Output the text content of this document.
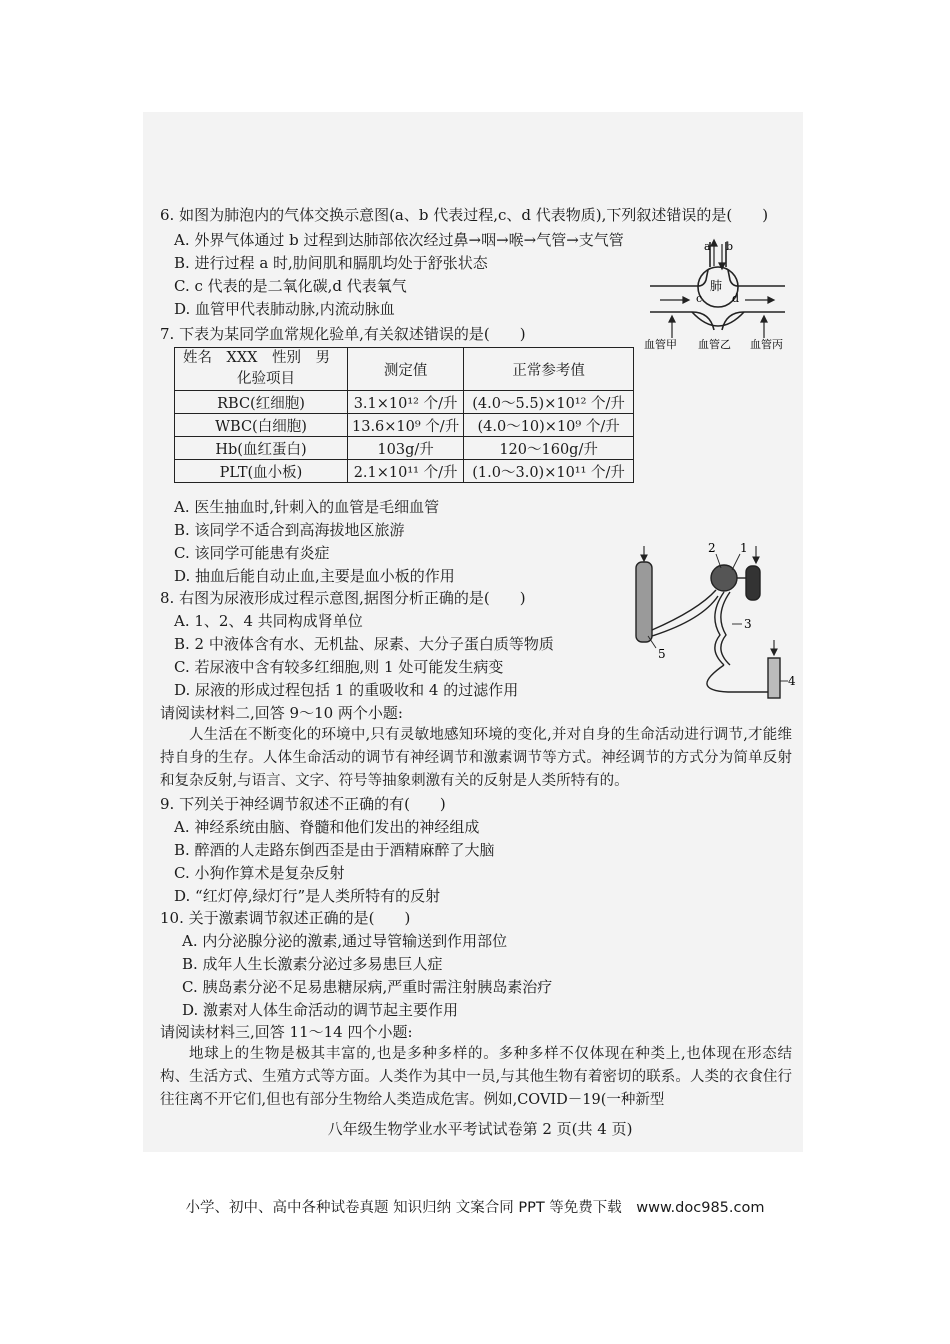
6. 如图为肺泡内的气体交换示意图(a、b 代表过程,c、d 代表物质),下列叙述错误的是(　　)
A. 外界气体通过 b 过程到达肺部依次经过鼻→咽→喉→气管→支气管
B. 进行过程 a 时,肋间肌和膈肌均处于舒张状态
C. c 代表的是二氧化碳,d 代表氧气
D. 血管甲代表肺动脉,内流动脉血
肺
a b
c	d
血管甲 血管乙 血管丙
7. 下表为某同学血常规化验单,有关叙述错误的是(　　)
姓名　XXX　性别　男
化验项目	测定值	正常参考值
RBC(红细胞)	3.1×10¹² 个/升	(4.0～5.5)×10¹² 个/升
WBC(白细胞)	13.6×10⁹ 个/升	(4.0～10)×10⁹ 个/升
Hb(血红蛋白)	103g/升	120～160g/升
PLT(血小板)	2.1×10¹¹ 个/升	(1.0～3.0)×10¹¹ 个/升
A. 医生抽血时,针刺入的血管是毛细血管
B. 该同学不适合到高海拔地区旅游
C. 该同学可能患有炎症
D. 抽血后能自动止血,主要是血小板的作用
2 1
3
4
5
8. 右图为尿液形成过程示意图,据图分析正确的是(　　)
A. 1、2、4 共同构成肾单位
B. 2 中液体含有水、无机盐、尿素、大分子蛋白质等物质
C. 若尿液中含有较多红细胞,则 1 处可能发生病变
D. 尿液的形成过程包括 1 的重吸收和 4 的过滤作用
请阅读材料二,回答 9～10 两个小题:

人生活在不断变化的环境中,只有灵敏地感知环境的变化,并对自身的生命活动进行调节,才能维持自身的生存。人体生命活动的调节有神经调节和激素调节等方式。神经调节的方式分为简单反射和复杂反射,与语言、文字、符号等抽象刺激有关的反射是人类所特有的。

9. 下列关于神经调节叙述不正确的有(　　)
A. 神经系统由脑、脊髓和他们发出的神经组成
B. 醉酒的人走路东倒西歪是由于酒精麻醉了大脑
C. 小狗作算术是复杂反射
D. “红灯停,绿灯行”是人类所特有的反射
10. 关于激素调节叙述正确的是(　　)
A. 内分泌腺分泌的激素,通过导管输送到作用部位
B. 成年人生长激素分泌过多易患巨人症
C. 胰岛素分泌不足易患糖尿病,严重时需注射胰岛素治疗
D. 激素对人体生命活动的调节起主要作用
请阅读材料三,回答 11～14 四个小题:

地球上的生物是极其丰富的,也是多种多样的。多种多样不仅体现在种类上,也体现在形态结构、生活方式、生殖方式等方面。人类作为其中一员,与其他生物有着密切的联系。人类的衣食住行往往离不开它们,但也有部分生物给人类造成危害。例如,COVID－19(一种新型

八年级生物学业水平考试试卷第 2 页(共 4 页)
小学、初中、高中各种试卷真题 知识归纳 文案合同 PPT 等免费下载　www.doc985.com
